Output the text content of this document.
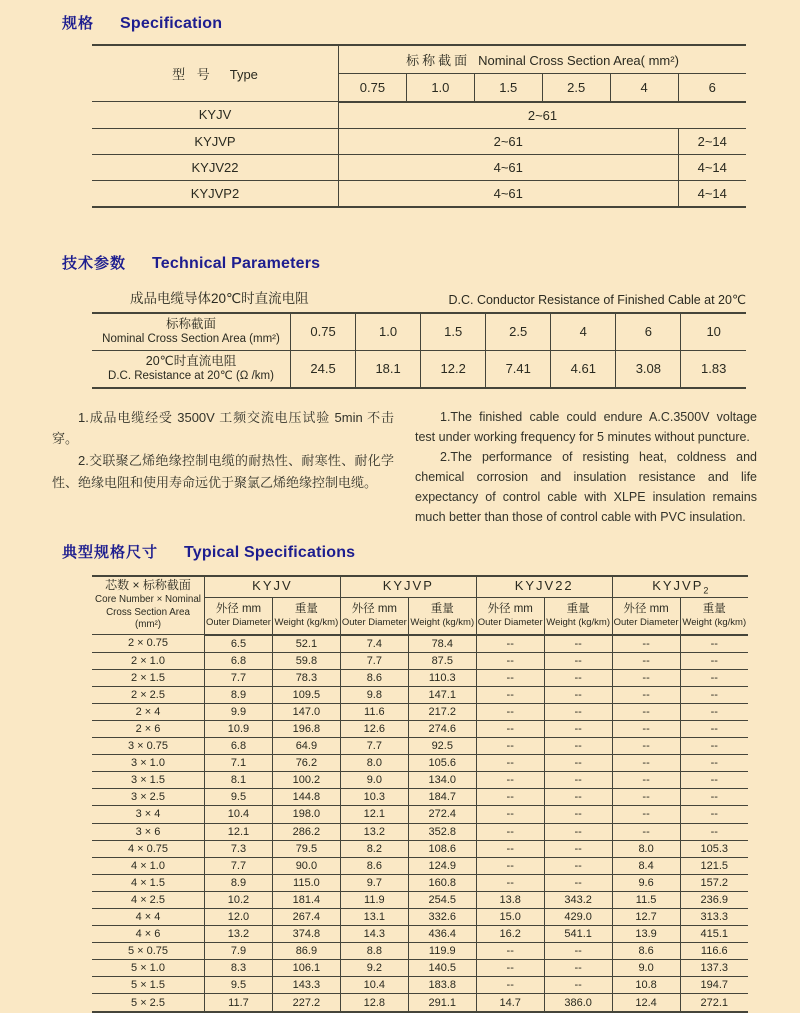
规格 Specification
型 号 Type	标称截面 Nominal Cross Section Area( mm²)					
	0.75	1.0	1.5	2.5	4	6
KYJV	2~61					
KYJVP	2~61					2~14
KYJV22	4~61					4~14
KYJVP2	4~61					4~14
技术参数 Technical Parameters
成品电缆导体20℃时直流电阻	D.C. Conductor Resistance of Finished Cable at 20℃
标称截面
Nominal Cross Section Area (mm²)	0.75	1.0	1.5	2.5	4	6	10

20℃时直流电阻
D.C. Resistance at 20℃ (Ω /km)	24.5	18.1	12.2	7.41	4.61	3.08	1.83

1.成品电缆经受 3500V 工频交流电压试验 5min 不击穿。

2.交联聚乙烯绝缘控制电缆的耐热性、耐寒性、耐化学性、绝缘电阻和使用寿命远优于聚氯乙烯绝缘控制电缆。

1.The finished cable could endure A.C.3500V voltage test under working frequency for 5 minutes without puncture.

2.The performance of resisting heat, coldness and chemical corrosion and insulation resistance and life expectancy of control cable with XLPE insulation remains much better than those of control cable with PVC insulation.

典型规格尺寸 Typical Specifications
芯数 × 标称截面
Core Number × Nominal
Cross Section Area (mm²)	KYJV		KYJVP		KYJV22		$KYJVP_2$

外径 mm
Outer Diameter

重量
Weight (kg/km)

外径 mm
Outer Diameter

重量
Weight (kg/km)

外径 mm
Outer Diameter

重量
Weight (kg/km)

外径 mm
Outer Diameter

重量
Weight (kg/km)

2 × 0.75	6.5	52.1	7.4	78.4	--	--	--	--
2 × 1.0	6.8	59.8	7.7	87.5	--	--	--	--
2 × 1.5	7.7	78.3	8.6	110.3	--	--	--	--
2 × 2.5	8.9	109.5	9.8	147.1	--	--	--	--
2 × 4	9.9	147.0	11.6	217.2	--	--	--	--
2 × 6	10.9	196.8	12.6	274.6	--	--	--	--
3 × 0.75	6.8	64.9	7.7	92.5	--	--	--	--
3 × 1.0	7.1	76.2	8.0	105.6	--	--	--	--
3 × 1.5	8.1	100.2	9.0	134.0	--	--	--	--
3 × 2.5	9.5	144.8	10.3	184.7	--	--	--	--
3 × 4	10.4	198.0	12.1	272.4	--	--	--	--
3 × 6	12.1	286.2	13.2	352.8	--	--	--	--
4 × 0.75	7.3	79.5	8.2	108.6	--	--	8.0	105.3
4 × 1.0	7.7	90.0	8.6	124.9	--	--	8.4	121.5
4 × 1.5	8.9	115.0	9.7	160.8	--	--	9.6	157.2
4 × 2.5	10.2	181.4	11.9	254.5	13.8	343.2	11.5	236.9
4 × 4	12.0	267.4	13.1	332.6	15.0	429.0	12.7	313.3
4 × 6	13.2	374.8	14.3	436.4	16.2	541.1	13.9	415.1
5 × 0.75	7.9	86.9	8.8	119.9	--	--	8.6	116.6
5 × 1.0	8.3	106.1	9.2	140.5	--	--	9.0	137.3
5 × 1.5	9.5	143.3	10.4	183.8	--	--	10.8	194.7
5 × 2.5	11.7	227.2	12.8	291.1	14.7	386.0	12.4	272.1
